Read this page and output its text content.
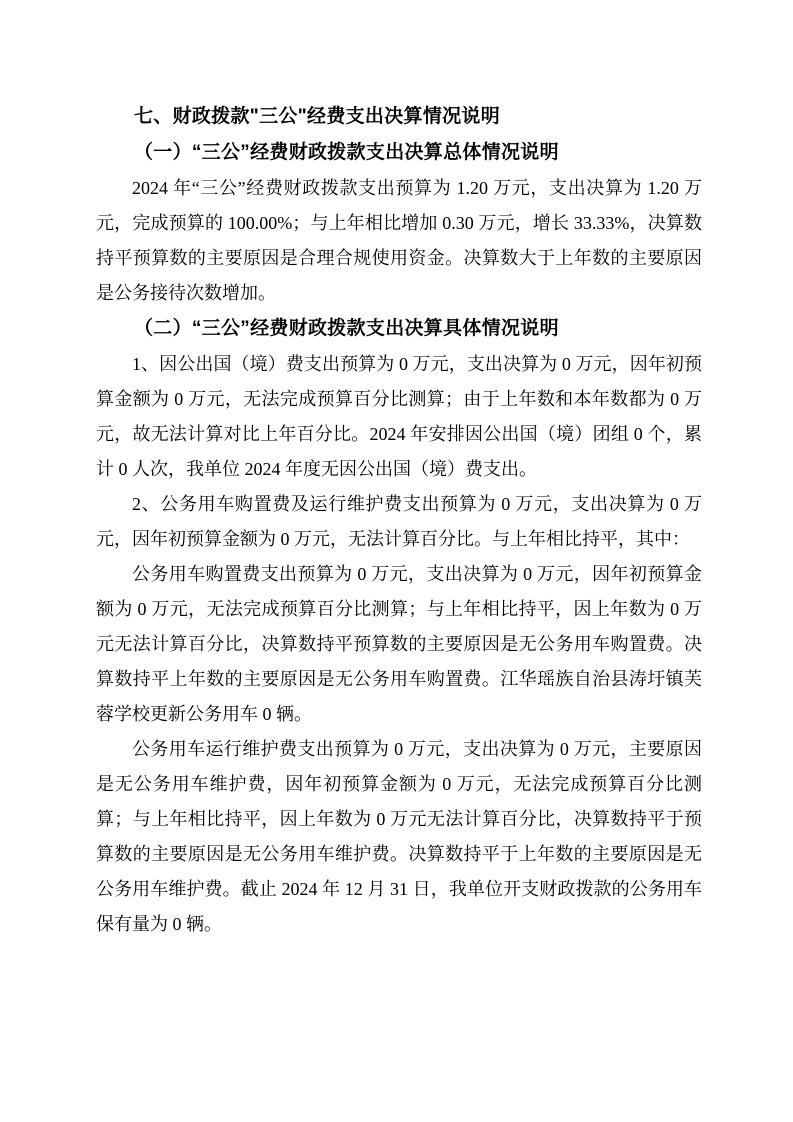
七、财政拨款"三公"经费支出决算情况说明
（一）“三公”经费财政拨款支出决算总体情况说明

2024 年“三公”经费财政拨款支出预算为 1.20 万元，支出决算为 1.20 万元，完成预算的 100.00%；与上年相比增加 0.30 万元，增长 33.33%，决算数持平预算数的主要原因是合理合规使用资金。决算数大于上年数的主要原因是公务接待次数增加。

（二）“三公”经费财政拨款支出决算具体情况说明

1、因公出国（境）费支出预算为 0 万元，支出决算为 0 万元，因年初预算金额为 0 万元，无法完成预算百分比测算；由于上年数和本年数都为 0 万元，故无法计算对比上年百分比。2024 年安排因公出国（境）团组 0 个，累计 0 人次，我单位 2024 年度无因公出国（境）费支出。

2、公务用车购置费及运行维护费支出预算为 0 万元，支出决算为 0 万元，因年初预算金额为 0 万元，无法计算百分比。与上年相比持平，其中：

公务用车购置费支出预算为 0 万元，支出决算为 0 万元，因年初预算金额为 0 万元，无法完成预算百分比测算；与上年相比持平，因上年数为 0 万元无法计算百分比，决算数持平预算数的主要原因是无公务用车购置费。决算数持平上年数的主要原因是无公务用车购置费。江华瑶族自治县涛圩镇芙蓉学校更新公务用车 0 辆。

公务用车运行维护费支出预算为 0 万元，支出决算为 0 万元，主要原因是无公务用车维护费，因年初预算金额为 0 万元，无法完成预算百分比测算；与上年相比持平，因上年数为 0 万元无法计算百分比，决算数持平于预算数的主要原因是无公务用车维护费。决算数持平于上年数的主要原因是无公务用车维护费。截止 2024 年 12 月 31 日，我单位开支财政拨款的公务用车保有量为 0 辆。
